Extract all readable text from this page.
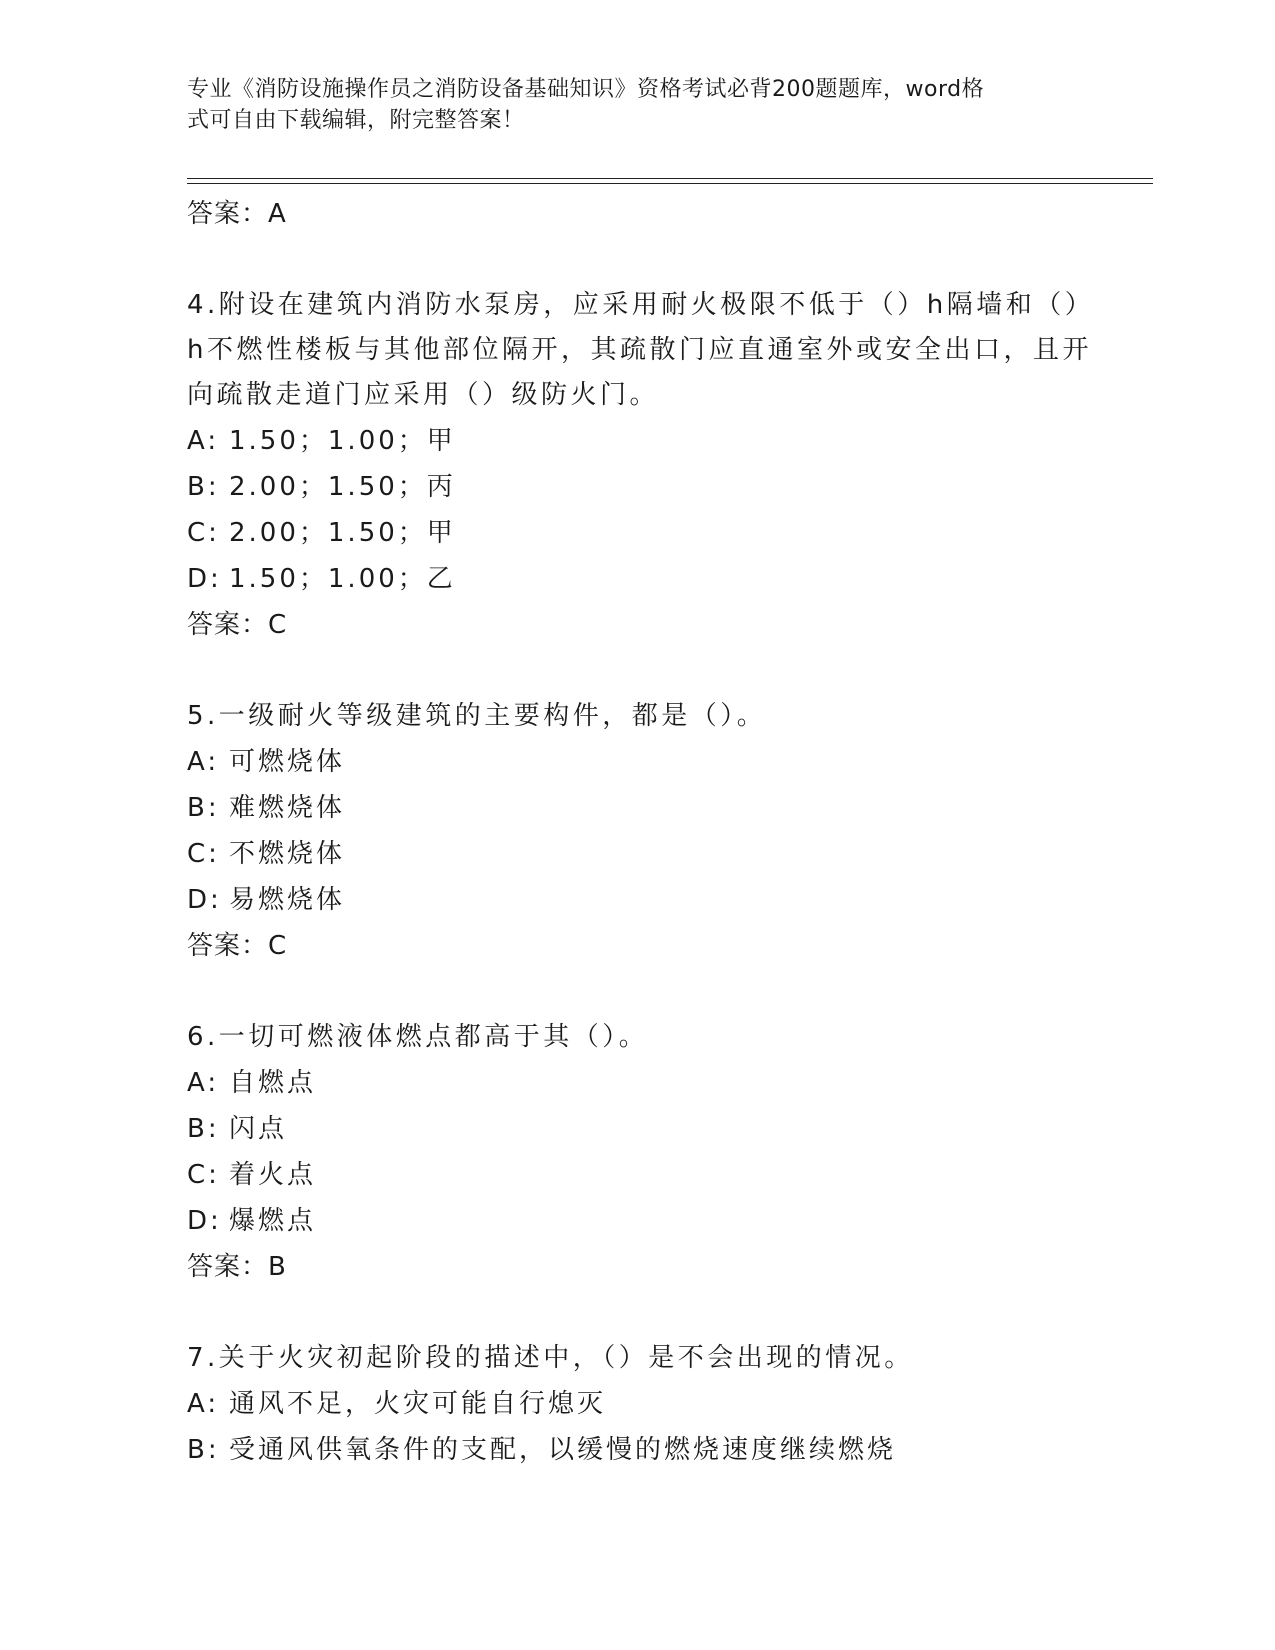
专业《消防设施操作员之消防设备基础知识》资格考试必背200题题库，word格
式可自由下载编辑，附完整答案！
答案：A
4.附设在建筑内消防水泵房，应采用耐火极限不低于（）h隔墙和（）
h不燃性楼板与其他部位隔开，其疏散门应直通室外或安全出口，且开
向疏散走道门应采用（）级防火门。
A: 1.50；1.00；甲
B: 2.00；1.50；丙
C: 2.00；1.50；甲
D: 1.50；1.00；乙
答案：C
5.一级耐火等级建筑的主要构件，都是（）。
A: 可燃烧体
B: 难燃烧体
C: 不燃烧体
D: 易燃烧体
答案：C
6.一切可燃液体燃点都高于其（）。
A: 自燃点
B: 闪点
C: 着火点
D: 爆燃点
答案：B
7.关于火灾初起阶段的描述中，（）是不会出现的情况。
A: 通风不足，火灾可能自行熄灭
B: 受通风供氧条件的支配，以缓慢的燃烧速度继续燃烧
